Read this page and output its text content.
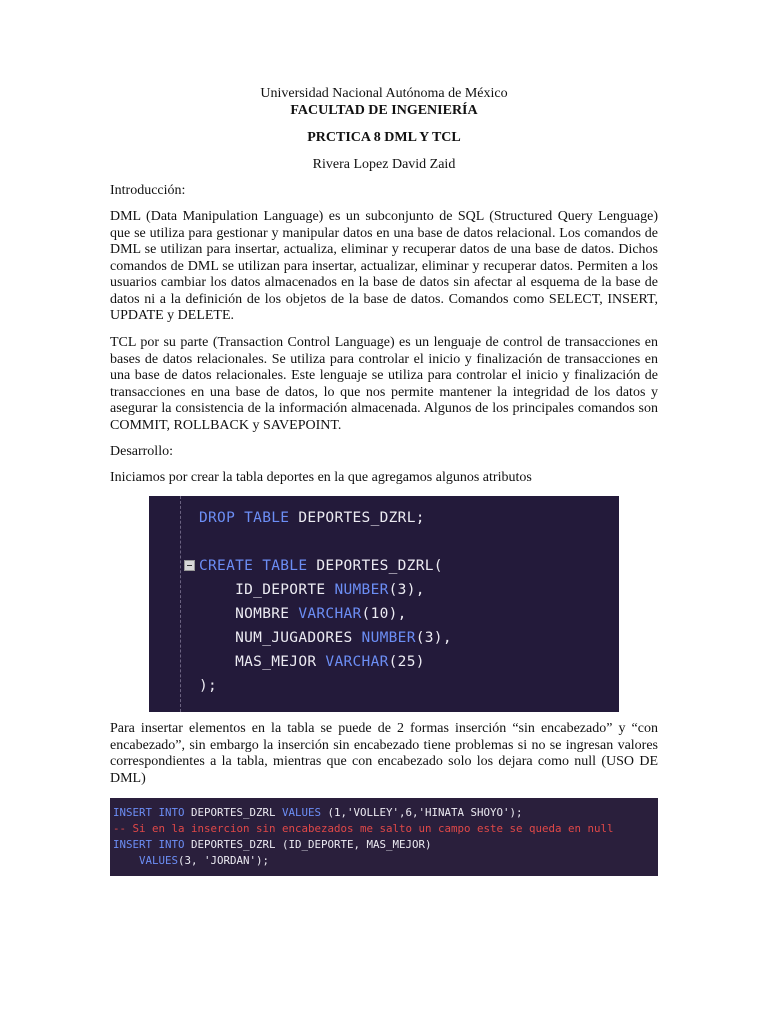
Universidad Nacional Autónoma de México
FACULTAD DE INGENIERÍA
PRCTICA 8 DML Y TCL
Rivera Lopez David Zaid

Introducción:

DML (Data Manipulation Language) es un subconjunto de SQL (Structured Query Lenguage) que se utiliza para gestionar y manipular datos en una base de datos relacional. Los comandos de DML se utilizan para insertar, actualiza, eliminar y recuperar datos de una base de datos. Dichos comandos de DML se utilizan para insertar, actualizar, eliminar y recuperar datos. Permiten a los usuarios cambiar los datos almacenados en la base de datos sin afectar al esquema de la base de datos ni a la definición de los objetos de la base de datos. Comandos como SELECT, INSERT, UPDATE y DELETE.

TCL por su parte (Transaction Control Language) es un lenguaje de control de transacciones en bases de datos relacionales. Se utiliza para controlar el inicio y finalización de transacciones en una base de datos relacionales. Este lenguaje se utiliza para controlar el inicio y finalización de transacciones en una base de datos, lo que nos permite mantener la integridad de los datos y asegurar la consistencia de la información almacenada. Algunos de los principales comandos son COMMIT, ROLLBACK y SAVEPOINT.

Desarrollo:

Iniciamos por crear la tabla deportes en la que agregamos algunos atributos

DROP TABLE DEPORTES_DZRL;
CREATE TABLE DEPORTES_DZRL(
ID_DEPORTE NUMBER(3),
NOMBRE VARCHAR(10),
NUM_JUGADORES NUMBER(3),
MAS_MEJOR VARCHAR(25)
);

Para insertar elementos en la tabla se puede de 2 formas inserción “sin encabezado” y “con encabezado”, sin embargo la inserción sin encabezado tiene problemas si no se ingresan valores correspondientes a la tabla, mientras que con encabezado solo los dejara como null (USO DE DML)

INSERT INTO DEPORTES_DZRL VALUES (1,'VOLLEY',6,'HINATA SHOYO');
-- Si en la insercion sin encabezados me salto un campo este se queda en null
INSERT INTO DEPORTES_DZRL (ID_DEPORTE, MAS_MEJOR)
VALUES(3, 'JORDAN');
